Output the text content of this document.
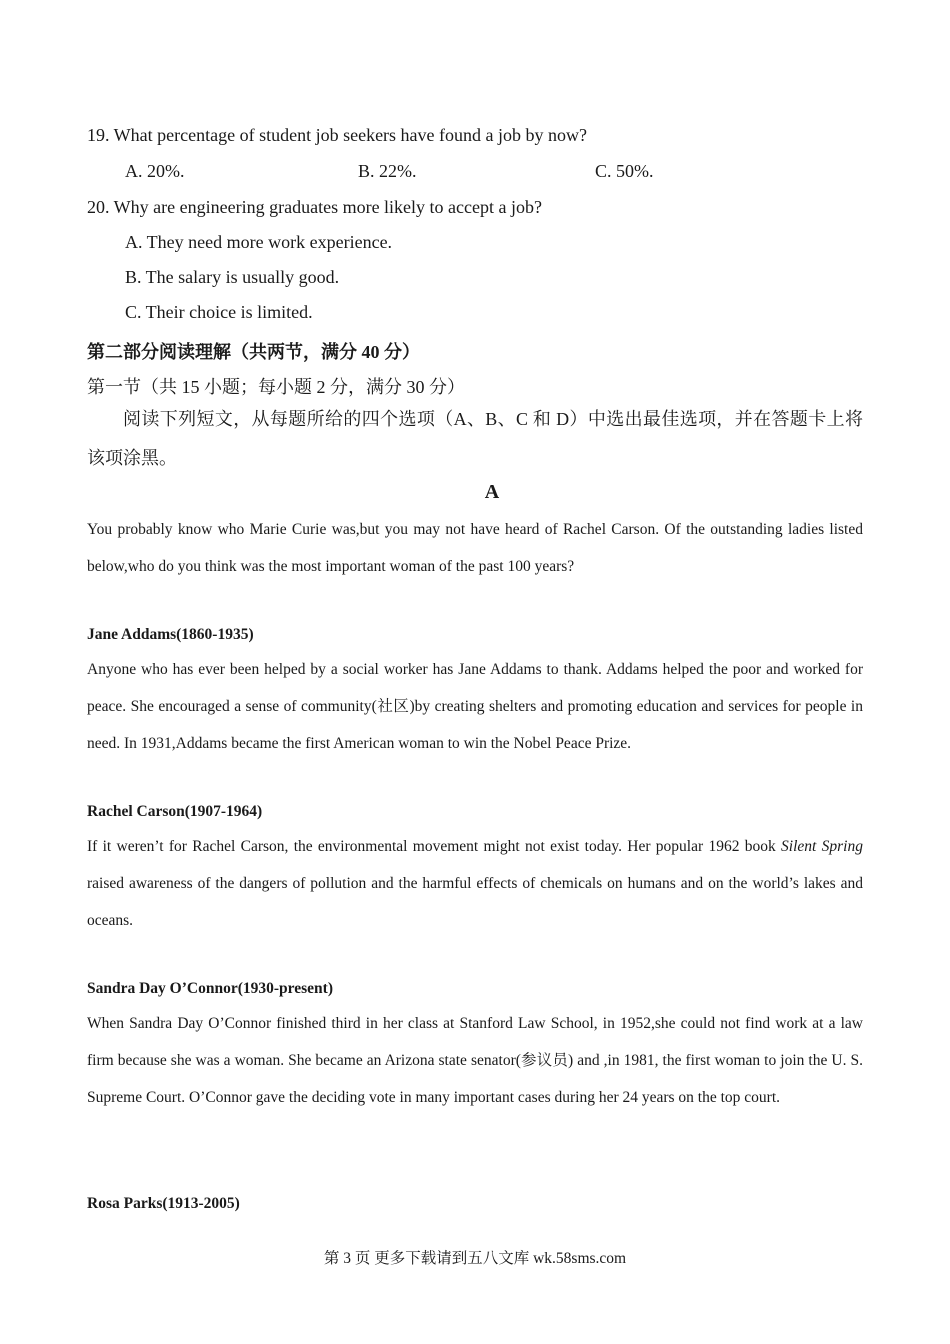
19. What percentage of student job seekers have found a job by now?
A. 20%.	B. 22%.	C. 50%.
20. Why are engineering graduates more likely to accept a job?
A. They need more work experience.
B. The salary is usually good.
C. Their choice is limited.
第二部分阅读理解（共两节，满分 40 分）
第一节（共 15 小题；每小题 2 分，满分 30 分）
阅读下列短文，从每题所给的四个选项（A、B、C 和 D）中选出最佳选项，并在答题卡上将该项涂黑。
A
You probably know who Marie Curie was,but you may not have heard of Rachel Carson. Of the outstanding ladies listed below,who do you think was the most important woman of the past 100 years?
Jane Addams(1860-1935)
Anyone who has ever been helped by a social worker has Jane Addams to thank. Addams helped the poor and worked for peace. She encouraged a sense of community(社区)by creating shelters and promoting education and services for people in need. In 1931,Addams became the first American woman to win the Nobel Peace Prize.
Rachel Carson(1907-1964)
If it weren’t for Rachel Carson, the environmental movement might not exist today. Her popular 1962 book Silent Spring raised awareness of the dangers of pollution and the harmful effects of chemicals on humans and on the world’s lakes and oceans.
Sandra Day O’Connor(1930-present)
When Sandra Day O’Connor finished third in her class at Stanford Law School, in 1952,she could not find work at a law firm because she was a woman. She became an Arizona state senator(参议员) and ,in 1981, the first woman to join the U. S. Supreme Court. O’Connor gave the deciding vote in many important cases during her 24 years on the top court.
Rosa Parks(1913-2005)
第 3 页 更多下载请到五八文库 wk.58sms.com
